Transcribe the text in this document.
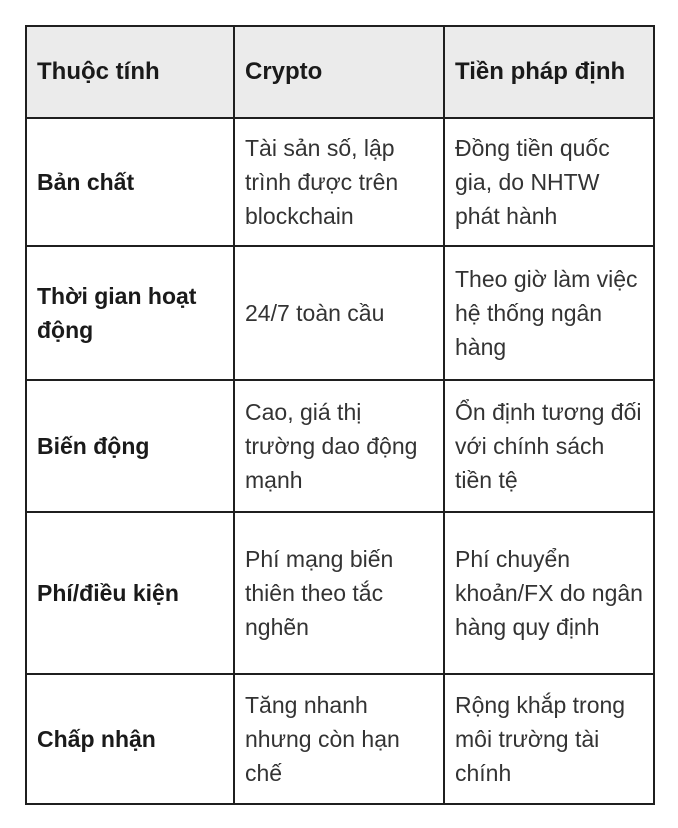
Thuộc tính	Crypto	Tiền pháp định
Bản chất	Tài sản số, lập trình được trên blockchain	Đồng tiền quốc gia, do NHTW phát hành
Thời gian hoạt động	24/7 toàn cầu	Theo giờ làm việc hệ thống ngân hàng
Biến động	Cao, giá thị trường dao động mạnh	Ổn định tương đối với chính sách tiền tệ
Phí/điều kiện	Phí mạng biến thiên theo tắc nghẽn	Phí chuyển khoản/FX do ngân hàng quy định
Chấp nhận	Tăng nhanh nhưng còn hạn chế	Rộng khắp trong môi trường tài chính
